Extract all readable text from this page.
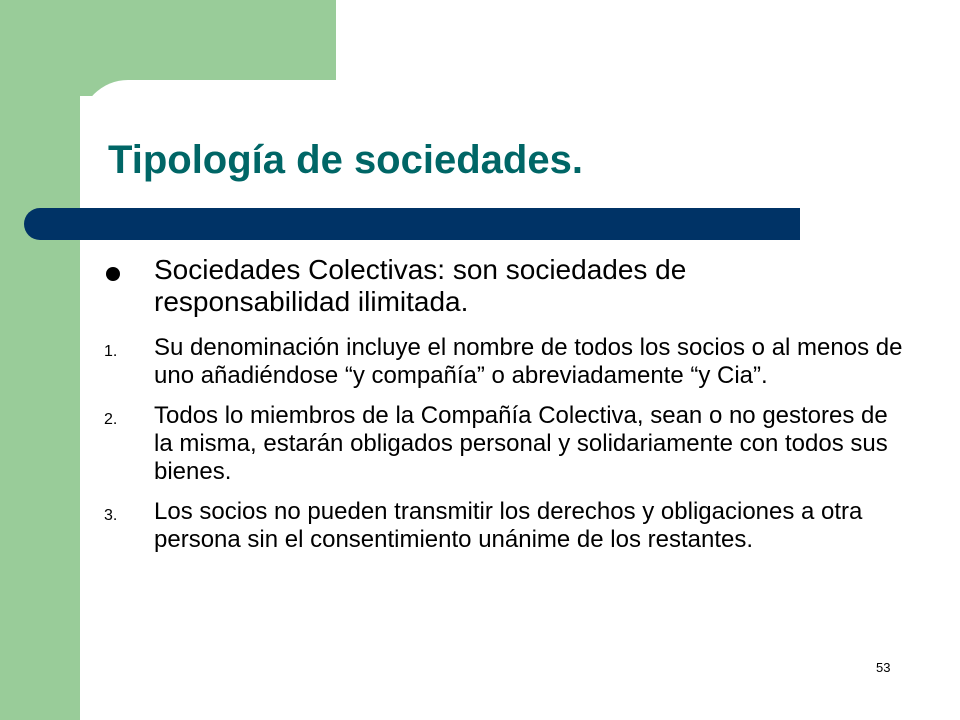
Tipología de sociedades.
Sociedades Colectivas: son sociedades de responsabilidad ilimitada.
1.	Su denominación incluye el nombre de todos los socios o al menos de uno añadiéndose “y compañía” o abreviadamente “y Cia”.
2.	Todos lo miembros de la Compañía Colectiva, sean o no gestores de la misma, estarán obligados personal y solidariamente con todos sus bienes.
3.	Los socios no pueden transmitir los derechos y obligaciones a otra persona sin el consentimiento unánime de los restantes.
53
